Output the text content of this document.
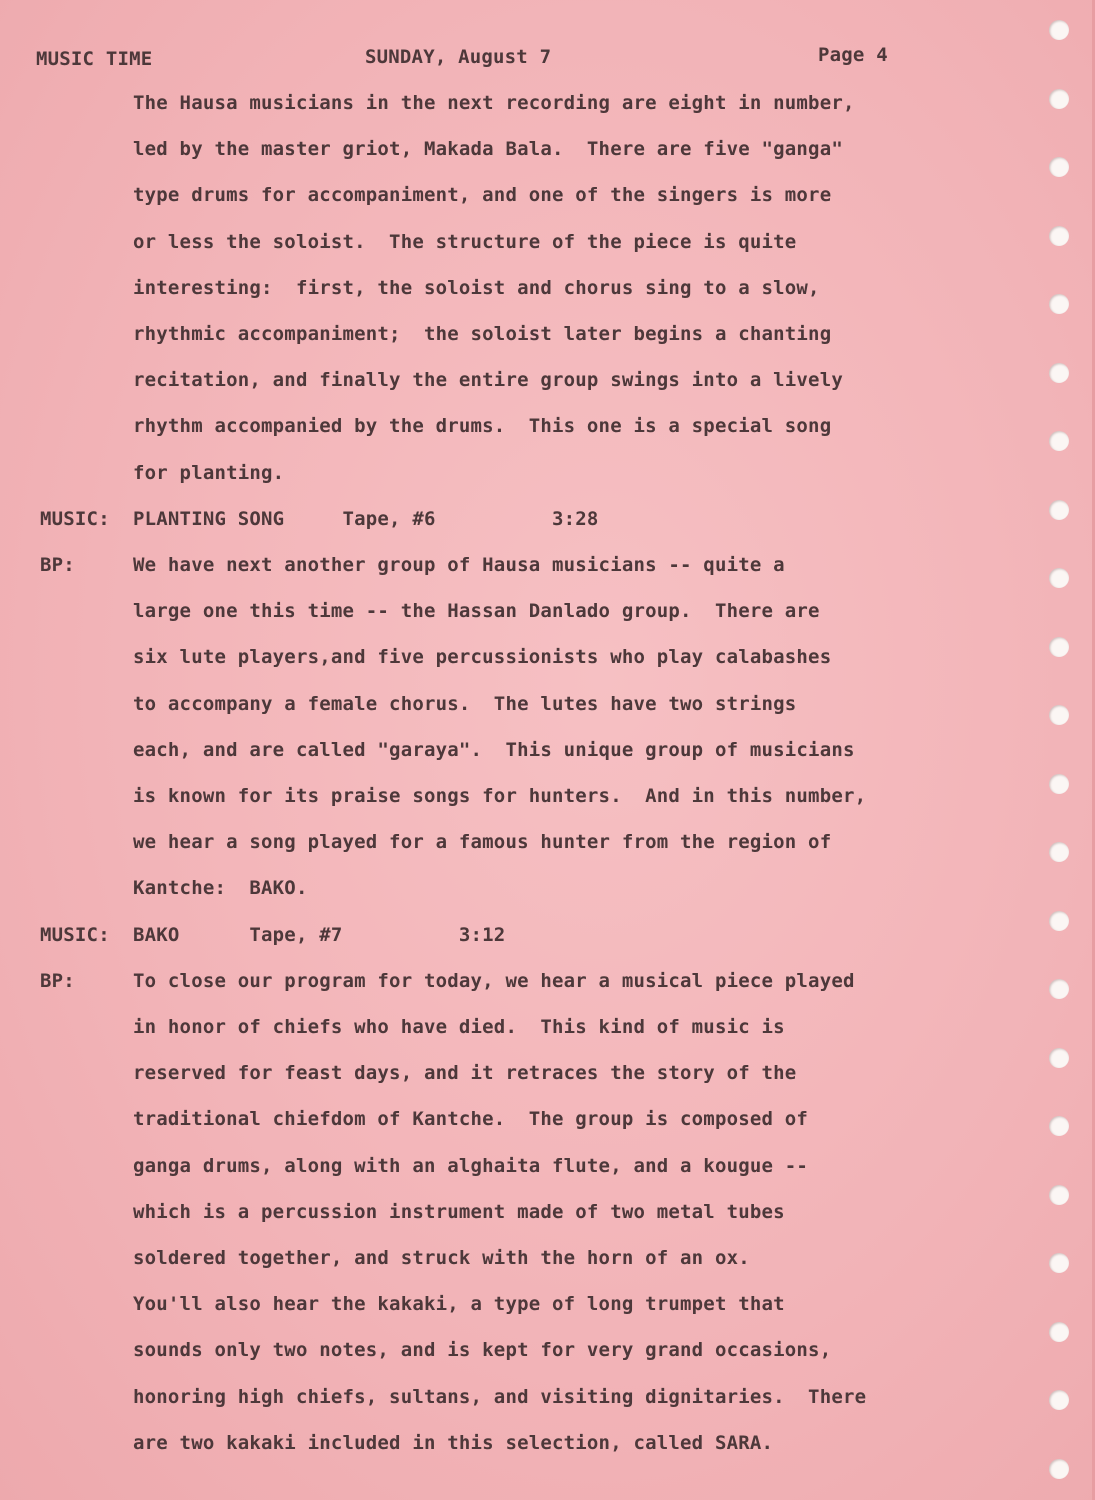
MUSIC TIME	SUNDAY, August 7	Page 4
The Hausa musicians in the next recording are eight in number,
led by the master griot, Makada Bala.  There are five "ganga"
type drums for accompaniment, and one of the singers is more
or less the soloist.  The structure of the piece is quite
interesting:  first, the soloist and chorus sing to a slow,
rhythmic accompaniment;  the soloist later begins a chanting
recitation, and finally the entire group swings into a lively
rhythm accompanied by the drums.  This one is a special song
for planting.
MUSIC: PLANTING SONG     Tape, #6          3:28
BP:	We have next another group of Hausa musicians -- quite a
large one this time -- the Hassan Danlado group.  There are
six lute players,and five percussionists who play calabashes
to accompany a female chorus.  The lutes have two strings
each, and are called "garaya".  This unique group of musicians
is known for its praise songs for hunters.  And in this number,
we hear a song played for a famous hunter from the region of
Kantche:  BAKO.
MUSIC: BAKO      Tape, #7          3:12
BP:	To close our program for today, we hear a musical piece played
in honor of chiefs who have died.  This kind of music is
reserved for feast days, and it retraces the story of the
traditional chiefdom of Kantche.  The group is composed of
ganga drums, along with an alghaita flute, and a kougue --
which is a percussion instrument made of two metal tubes
soldered together, and struck with the horn of an ox.
You'll also hear the kakaki, a type of long trumpet that
sounds only two notes, and is kept for very grand occasions,
honoring high chiefs, sultans, and visiting dignitaries.  There
are two kakaki included in this selection, called SARA.
